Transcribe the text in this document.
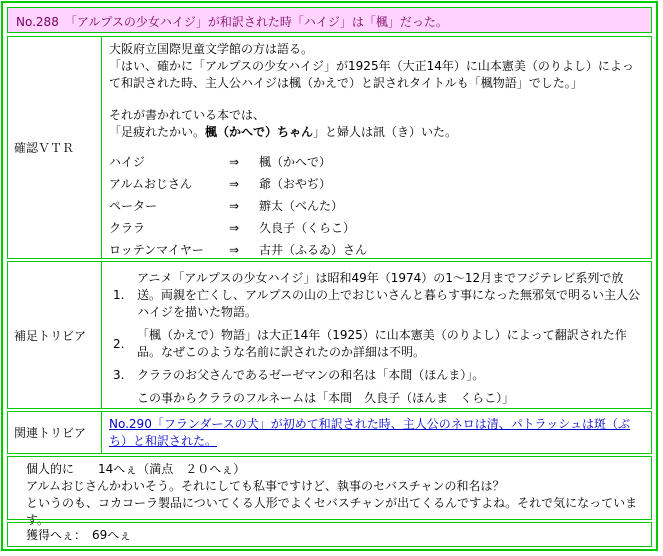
No.288　「アルプスの少女ハイジ」が和訳された時「ハイジ」は「楓」だった。
確認ＶＴＲ

大阪府立国際児童文学館の方は語る。

「はい、確かに「アルプスの少女ハイジ」が1925年（大正14年）に山本憲美（のりよし）によっ

て和訳された時、主人公ハイジは楓（かえで）と訳されタイトルも「楓物語」でした。」

それが書かれている本では、

「足疲れたかい。楓（かへで）ちゃん」と婦人は訊（き）いた。

ハイジ	⇒	楓（かへで）
アルムおじさん	⇒	爺（おやぢ）
ペーター	⇒	辧太（べんた）
クララ	⇒	久良子（くらこ）
ロッテンマイヤー	⇒	古井（ふるゐ）さん
補足トリビア
1.
アニメ「アルプスの少女ハイジ」は昭和49年（1974）の1〜12月までフジテレビ系列で放送。両親を亡くし、アルプスの山の上でおじいさんと暮らす事になった無邪気で明るい主人公ハイジを描いた物語。
2.
「楓（かえで）物語」は大正14年（1925）に山本憲美（のりよし）によって翻訳された作品。なぜこのような名前に訳されたのか詳細は不明。
3.	クララのお父さんであるゼーゼマンの和名は「本間（ほんま）」。

この事からクララのフルネームは「本間　久良子（ほんま　くらこ）」

関連トリビア
No.290「フランダースの犬」が初めて和訳された時、主人公のネロは清、パトラッシュは斑（ぶち）と和訳された。

個人的に　　14へぇ（満点　２０へぇ）

アルムおじさんかわいそう。それにしても私事ですけど、執事のセバスチャンの和名は？

というのも、コカコーラ製品についてくる人形でよくセバスチャンが出てくるんですよね。それで気になっています。

獲得へぇ：　69へぇ
